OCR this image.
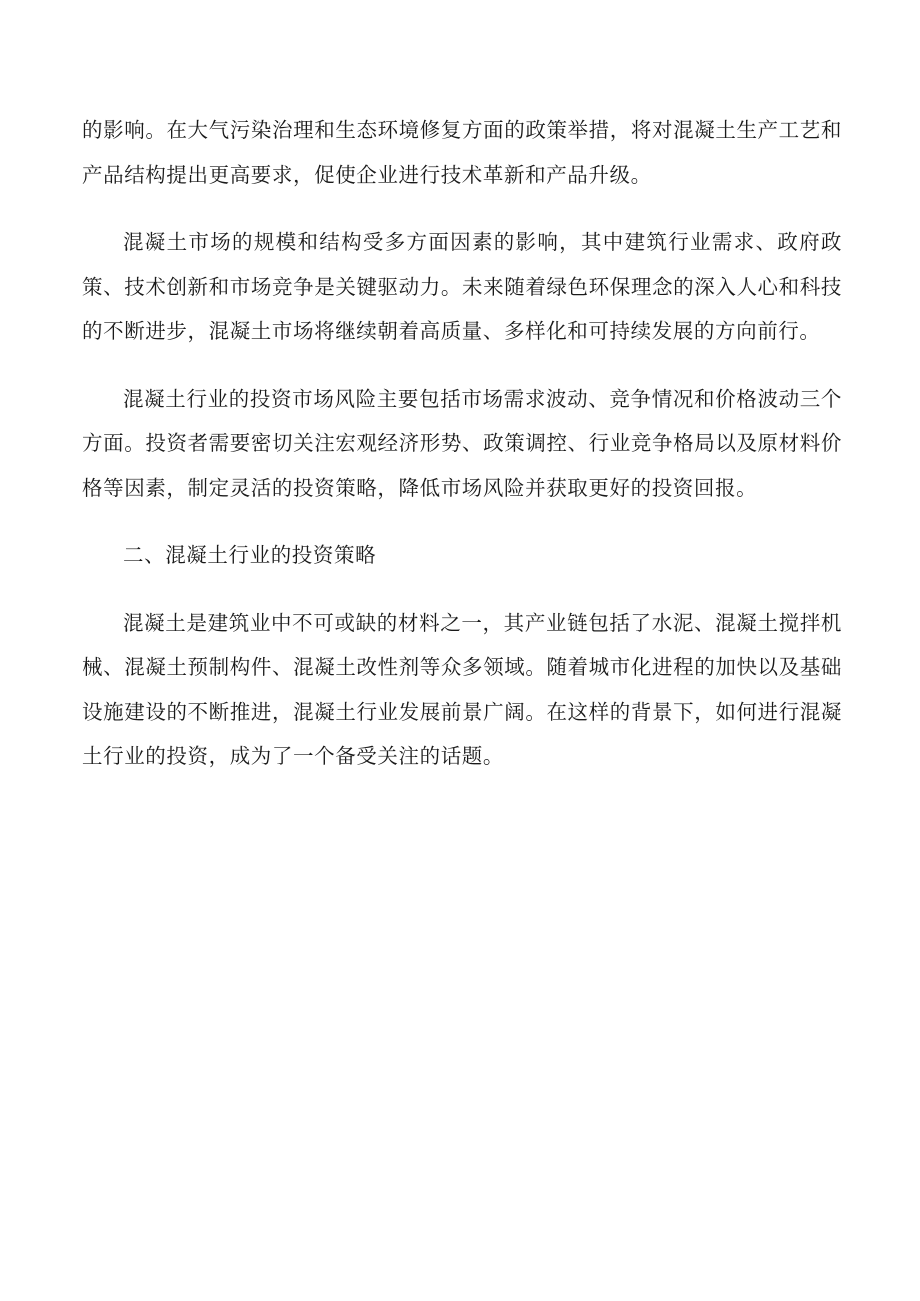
的影响。在大气污染治理和生态环境修复方面的政策举措，将对混凝土生产工艺和产品结构提出更高要求，促使企业进行技术革新和产品升级。

混凝土市场的规模和结构受多方面因素的影响，其中建筑行业需求、政府政策、技术创新和市场竞争是关键驱动力。未来随着绿色环保理念的深入人心和科技的不断进步，混凝土市场将继续朝着高质量、多样化和可持续发展的方向前行。

混凝土行业的投资市场风险主要包括市场需求波动、竞争情况和价格波动三个方面。投资者需要密切关注宏观经济形势、政策调控、行业竞争格局以及原材料价格等因素，制定灵活的投资策略，降低市场风险并获取更好的投资回报。

二、混凝土行业的投资策略

混凝土是建筑业中不可或缺的材料之一，其产业链包括了水泥、混凝土搅拌机械、混凝土预制构件、混凝土改性剂等众多领域。随着城市化进程的加快以及基础设施建设的不断推进，混凝土行业发展前景广阔。在这样的背景下，如何进行混凝土行业的投资，成为了一个备受关注的话题。
